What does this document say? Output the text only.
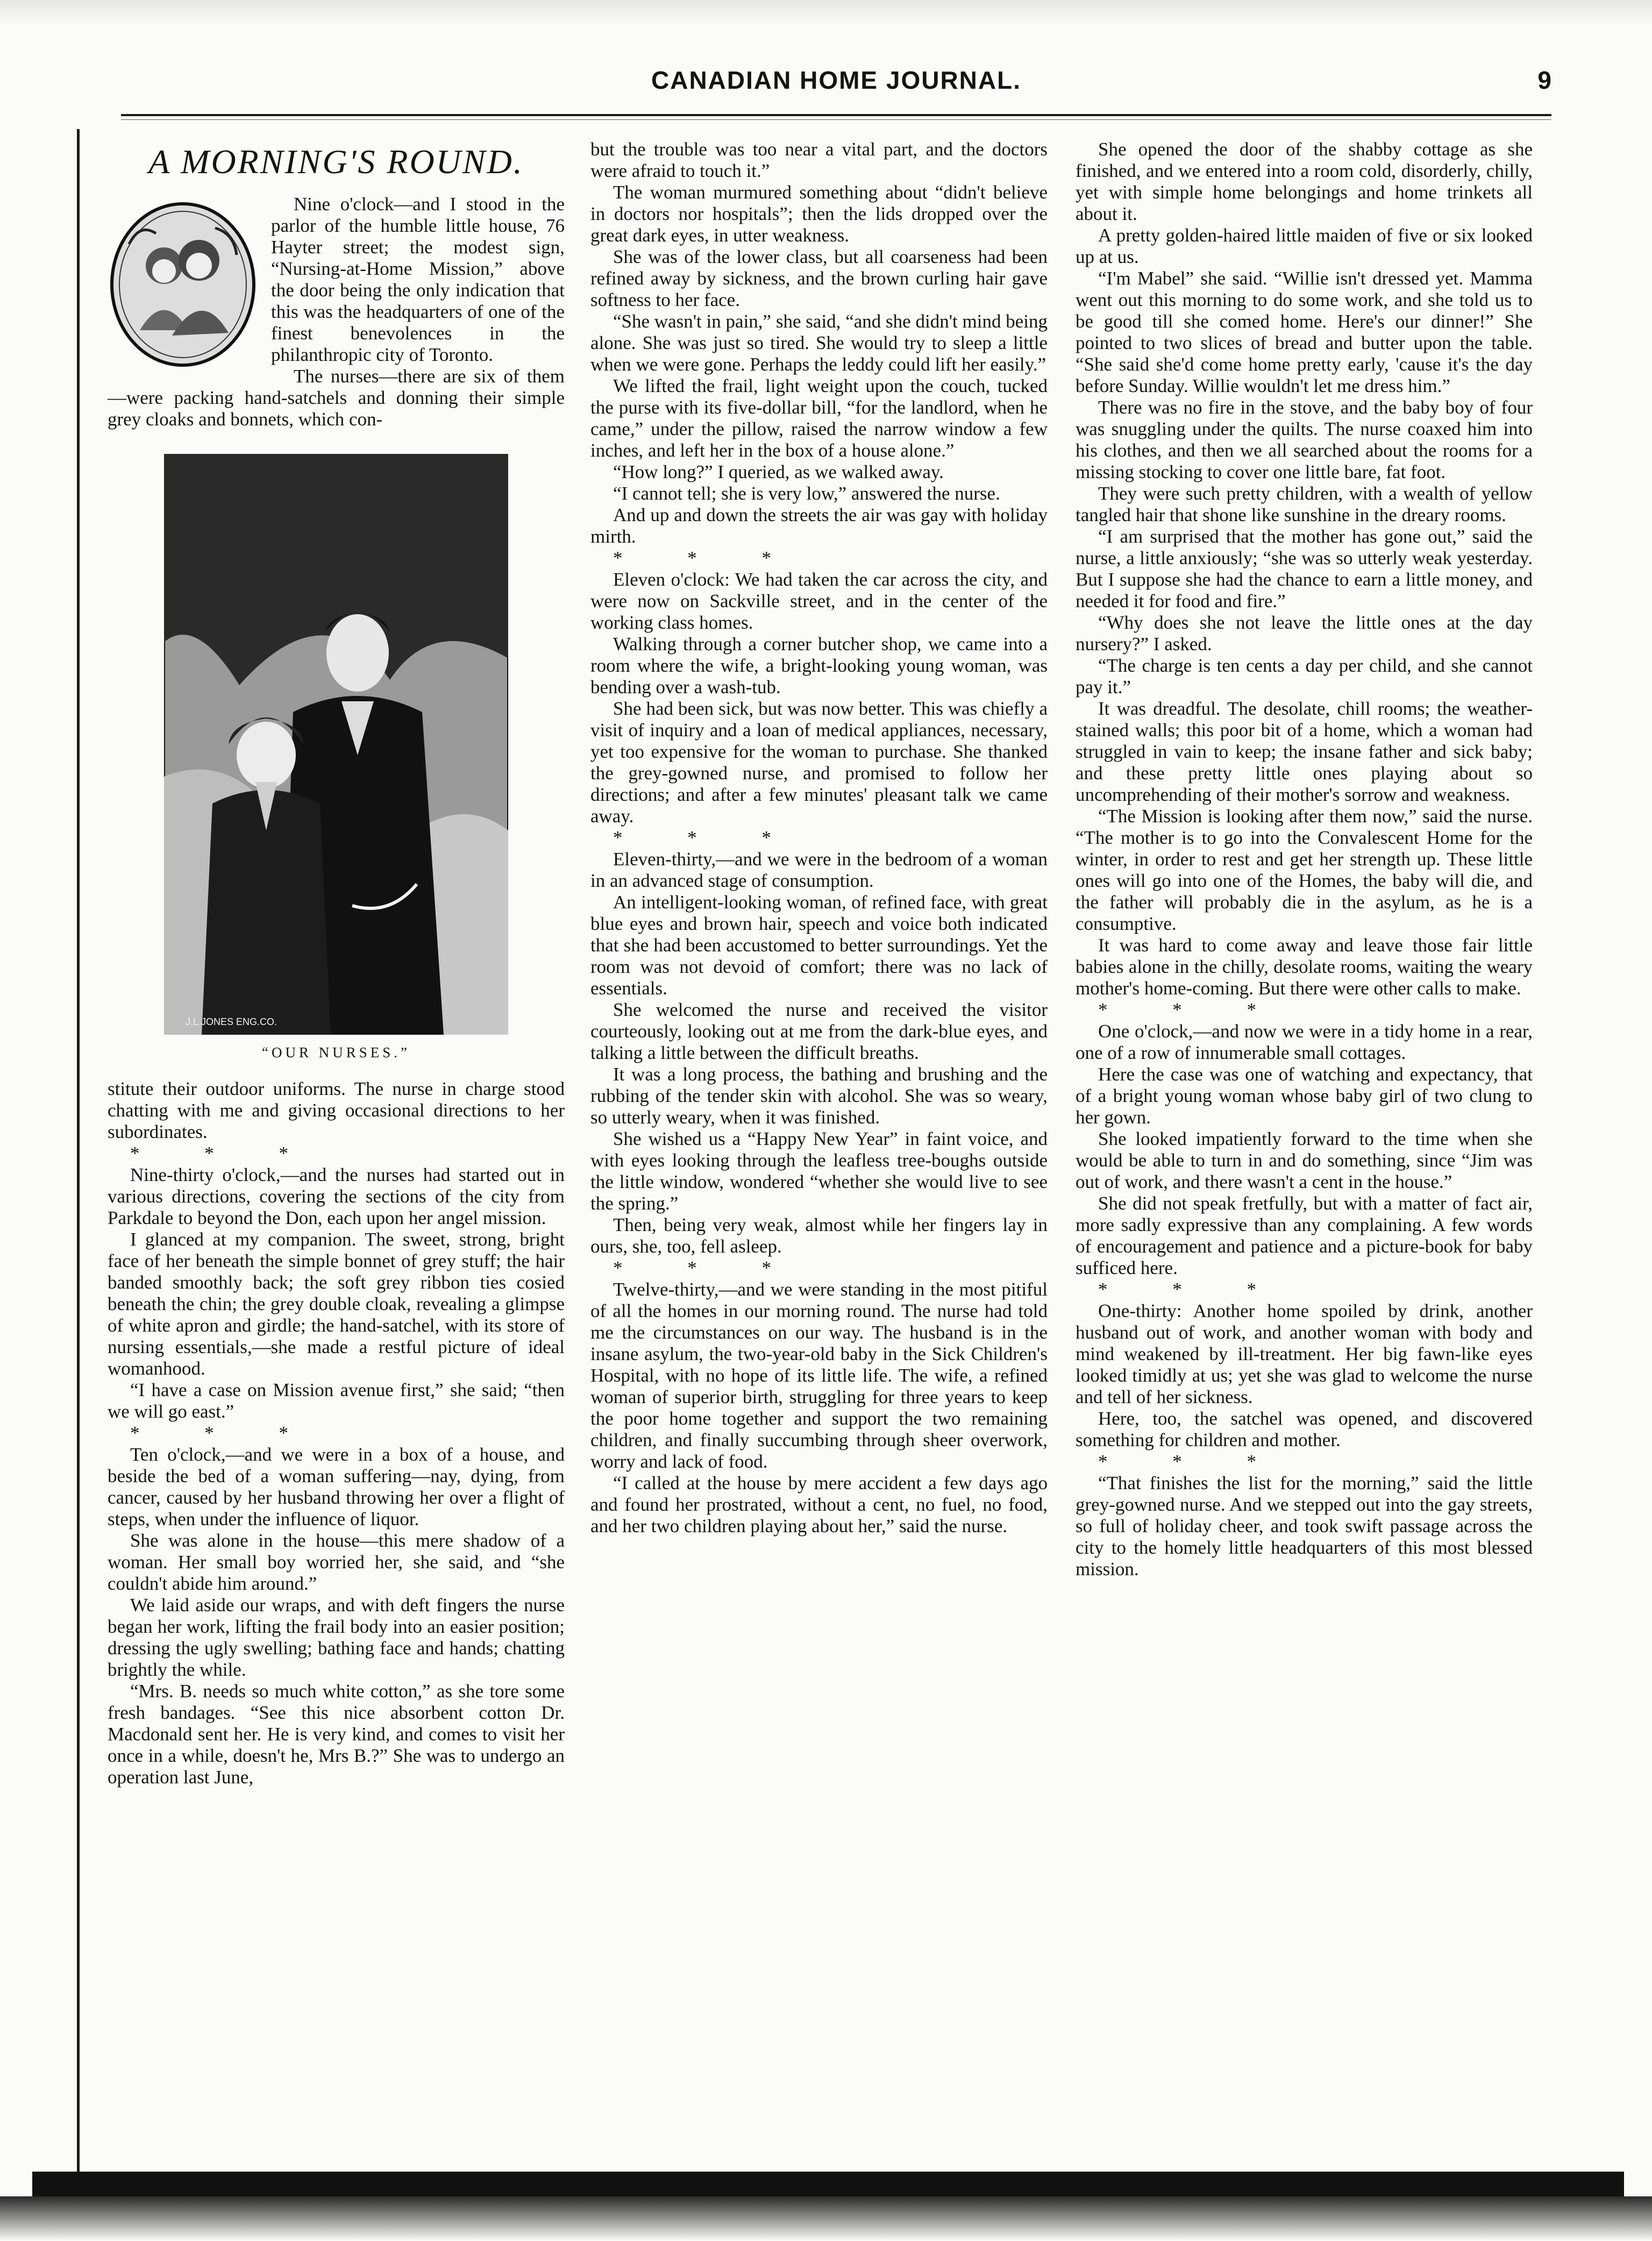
CANADIAN HOME JOURNAL.	9
A MORNING'S ROUND.

Nine o'clock—and I stood in the parlor of the humble little house, 76 Hayter street; the modest sign, “Nursing-at-Home Mission,” above the door being the only indication that this was the headquarters of one of the finest benevolences in the philanthropic city of Toronto.

The nurses—there are six of them—were packing hand-satchels and donning their simple grey cloaks and bonnets, which con-

J.L.JONES ENG.CO.
“OUR NURSES.”

stitute their outdoor uniforms. The nurse in charge stood chatting with me and giving occasional directions to her subordinates.

* * *

Nine-thirty o'clock,—and the nurses had started out in various directions, covering the sections of the city from Parkdale to beyond the Don, each upon her angel mission.

I glanced at my companion. The sweet, strong, bright face of her beneath the simple bonnet of grey stuff; the hair banded smoothly back; the soft grey ribbon ties cosied beneath the chin; the grey double cloak, revealing a glimpse of white apron and girdle; the hand-satchel, with its store of nursing essentials,—she made a restful picture of ideal womanhood.

“I have a case on Mission avenue first,” she said; “then we will go east.”

* * *

Ten o'clock,—and we were in a box of a house, and beside the bed of a woman suffering—nay, dying, from cancer, caused by her husband throwing her over a flight of steps, when under the influence of liquor.

She was alone in the house—this mere shadow of a woman. Her small boy worried her, she said, and “she couldn't abide him around.”

We laid aside our wraps, and with deft fingers the nurse began her work, lifting the frail body into an easier position; dressing the ugly swelling; bathing face and hands; chatting brightly the while.

“Mrs. B. needs so much white cotton,” as she tore some fresh bandages. “See this nice absorbent cotton Dr. Macdonald sent her. He is very kind, and comes to visit her once in a while, doesn't he, Mrs B.?” She was to undergo an operation last June,

but the trouble was too near a vital part, and the doctors were afraid to touch it.”

The woman murmured something about “didn't believe in doctors nor hospitals”; then the lids dropped over the great dark eyes, in utter weakness.

She was of the lower class, but all coarseness had been refined away by sickness, and the brown curling hair gave softness to her face.

“She wasn't in pain,” she said, “and she didn't mind being alone. She was just so tired. She would try to sleep a little when we were gone. Perhaps the leddy could lift her easily.”

We lifted the frail, light weight upon the couch, tucked the purse with its five-dollar bill, “for the landlord, when he came,” under the pillow, raised the narrow window a few inches, and left her in the box of a house alone.”

“How long?” I queried, as we walked away.

“I cannot tell; she is very low,” answered the nurse.

And up and down the streets the air was gay with holiday mirth.

* * *

Eleven o'clock: We had taken the car across the city, and were now on Sackville street, and in the center of the working class homes.

Walking through a corner butcher shop, we came into a room where the wife, a bright-looking young woman, was bending over a wash-tub.

She had been sick, but was now better. This was chiefly a visit of inquiry and a loan of medical appliances, necessary, yet too expensive for the woman to purchase. She thanked the grey-gowned nurse, and promised to follow her directions; and after a few minutes' pleasant talk we came away.

* * *

Eleven-thirty,—and we were in the bedroom of a woman in an advanced stage of consumption.

An intelligent-looking woman, of refined face, with great blue eyes and brown hair, speech and voice both indicated that she had been accustomed to better surroundings. Yet the room was not devoid of comfort; there was no lack of essentials.

She welcomed the nurse and received the visitor courteously, looking out at me from the dark-blue eyes, and talking a little between the difficult breaths.

It was a long process, the bathing and brushing and the rubbing of the tender skin with alcohol. She was so weary, so utterly weary, when it was finished.

She wished us a “Happy New Year” in faint voice, and with eyes looking through the leafless tree-boughs outside the little window, wondered “whether she would live to see the spring.”

Then, being very weak, almost while her fingers lay in ours, she, too, fell asleep.

* * *

Twelve-thirty,—and we were standing in the most pitiful of all the homes in our morning round. The nurse had told me the circumstances on our way. The husband is in the insane asylum, the two-year-old baby in the Sick Children's Hospital, with no hope of its little life. The wife, a refined woman of superior birth, struggling for three years to keep the poor home together and support the two remaining children, and finally succumbing through sheer overwork, worry and lack of food.

“I called at the house by mere accident a few days ago and found her prostrated, without a cent, no fuel, no food, and her two children playing about her,” said the nurse.

She opened the door of the shabby cottage as she finished, and we entered into a room cold, disorderly, chilly, yet with simple home belongings and home trinkets all about it.

A pretty golden-haired little maiden of five or six looked up at us.

“I'm Mabel” she said. “Willie isn't dressed yet. Mamma went out this morning to do some work, and she told us to be good till she comed home. Here's our dinner!” She pointed to two slices of bread and butter upon the table. “She said she'd come home pretty early, 'cause it's the day before Sunday. Willie wouldn't let me dress him.”

There was no fire in the stove, and the baby boy of four was snuggling under the quilts. The nurse coaxed him into his clothes, and then we all searched about the rooms for a missing stocking to cover one little bare, fat foot.

They were such pretty children, with a wealth of yellow tangled hair that shone like sunshine in the dreary rooms.

“I am surprised that the mother has gone out,” said the nurse, a little anxiously; “she was so utterly weak yesterday. But I suppose she had the chance to earn a little money, and needed it for food and fire.”

“Why does she not leave the little ones at the day nursery?” I asked.

“The charge is ten cents a day per child, and she cannot pay it.”

It was dreadful. The desolate, chill rooms; the weather-stained walls; this poor bit of a home, which a woman had struggled in vain to keep; the insane father and sick baby; and these pretty little ones playing about so uncomprehending of their mother's sorrow and weakness.

“The Mission is looking after them now,” said the nurse. “The mother is to go into the Convalescent Home for the winter, in order to rest and get her strength up. These little ones will go into one of the Homes, the baby will die, and the father will probably die in the asylum, as he is a consumptive.

It was hard to come away and leave those fair little babies alone in the chilly, desolate rooms, waiting the weary mother's home-coming. But there were other calls to make.

* * *

One o'clock,—and now we were in a tidy home in a rear, one of a row of innumerable small cottages.

Here the case was one of watching and expectancy, that of a bright young woman whose baby girl of two clung to her gown.

She looked impatiently forward to the time when she would be able to turn in and do something, since “Jim was out of work, and there wasn't a cent in the house.”

She did not speak fretfully, but with a matter of fact air, more sadly expressive than any complaining. A few words of encouragement and patience and a picture-book for baby sufficed here.

* * *

One-thirty: Another home spoiled by drink, another husband out of work, and another woman with body and mind weakened by ill-treatment. Her big fawn-like eyes looked timidly at us; yet she was glad to welcome the nurse and tell of her sickness.

Here, too, the satchel was opened, and discovered something for children and mother.

* * *

“That finishes the list for the morning,” said the little grey-gowned nurse. And we stepped out into the gay streets, so full of holiday cheer, and took swift passage across the city to the homely little headquarters of this most blessed mission.
